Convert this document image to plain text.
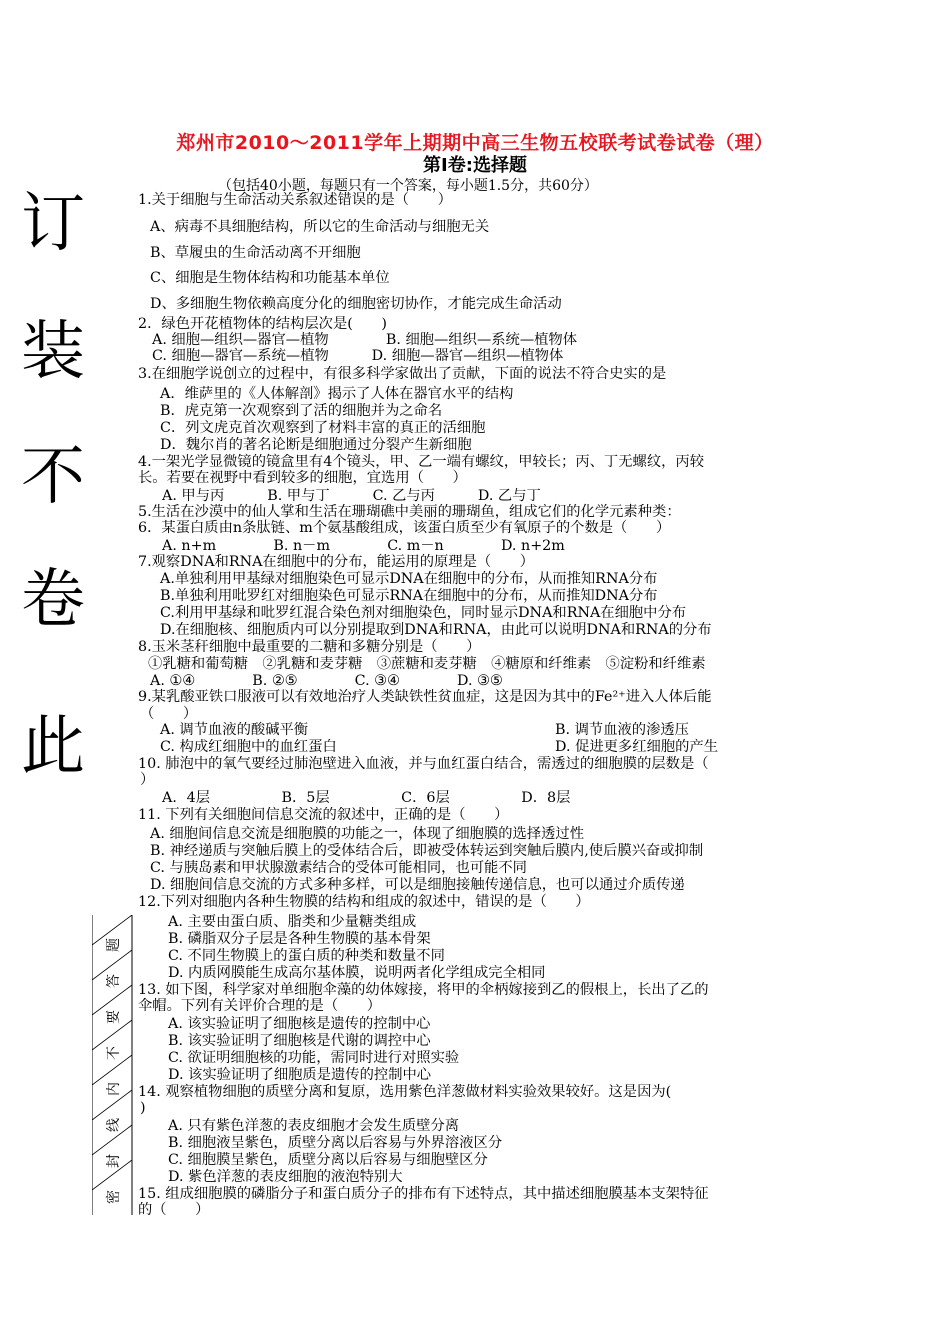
订
装
不
卷
此
密
封
线
内
不
要
答
题
郑州市2010～2011学年上期期中高三生物五校联考试卷试卷（理）
第Ⅰ卷:选择题
（包括40小题，每题只有一个答案，每小题1.5分，共60分）
1.关于细胞与生命活动关系叙述错误的是（　　）
A、病毒不具细胞结构，所以它的生命活动与细胞无关
B、草履虫的生命活动离不开细胞
C、细胞是生物体结构和功能基本单位
D、多细胞生物依赖高度分化的细胞密切协作，才能完成生命活动
2．绿色开花植物体的结构层次是(　　)
A. 细胞—组织—器官—植物　　　　B. 细胞—组织—系统—植物体
C. 细胞—器官—系统—植物　　　D. 细胞—器官—组织—植物体
3.在细胞学说创立的过程中，有很多科学家做出了贡献，下面的说法不符合史实的是
A．维萨里的《人体解剖》揭示了人体在器官水平的结构
B．虎克第一次观察到了活的细胞并为之命名
C．列文虎克首次观察到了材料丰富的真正的活细胞
D．魏尔肖的著名论断是细胞通过分裂产生新细胞
4.一架光学显微镜的镜盒里有4个镜头，甲、乙一端有螺纹，甲较长；丙、丁无螺纹，丙较
长。若要在视野中看到较多的细胞，宜选用（　　）
A. 甲与丙　　　B. 甲与丁　　　C. 乙与丙　　　D. 乙与丁
5.生活在沙漠中的仙人掌和生活在珊瑚礁中美丽的珊瑚鱼，组成它们的化学元素种类：
6．某蛋白质由n条肽链、m个氨基酸组成，该蛋白质至少有氧原子的个数是（　　）
A. n+m　　　　B. n－m　　　　C. m－n　　　　D. n+2m
7.观察DNA和RNA在细胞中的分布，能运用的原理是（　　）
A.单独利用甲基绿对细胞染色可显示DNA在细胞中的分布，从而推知RNA分布
B.单独利用吡罗红对细胞染色可显示RNA在细胞中的分布，从而推知DNA分布
C.利用甲基绿和吡罗红混合染色剂对细胞染色，同时显示DNA和RNA在细胞中分布
D.在细胞核、细胞质内可以分别提取到DNA和RNA，由此可以说明DNA和RNA的分布
8.玉米茎秆细胞中最重要的二糖和多糖分别是（　　）
①乳糖和葡萄糖　②乳糖和麦芽糖　③蔗糖和麦芽糖　④糖原和纤维素　⑤淀粉和纤维素
A. ①④　　　　B. ②⑤　　　　C. ③④　　　　D. ③⑤
9.某乳酸亚铁口服液可以有效地治疗人类缺铁性贫血症，这是因为其中的Fe²⁺进入人体后能
（　　）
A. 调节血液的酸碱平衡	B. 调节血液的渗透压
C. 构成红细胞中的血红蛋白	D. 促进更多红细胞的产生
10. 肺泡中的氧气要经过肺泡壁进入血液，并与血红蛋白结合，需透过的细胞膜的层数是（
）
A．4层　　　　　B．5层　　　　　C．6层　　　　　D．8层
11. 下列有关细胞间信息交流的叙述中，正确的是（　　）
A. 细胞间信息交流是细胞膜的功能之一，体现了细胞膜的选择透过性
B. 神经递质与突触后膜上的受体结合后，即被受体转运到突触后膜内,使后膜兴奋或抑制
C. 与胰岛素和甲状腺激素结合的受体可能相同，也可能不同
D. 细胞间信息交流的方式多种多样，可以是细胞接触传递信息，也可以通过介质传递
12.下列对细胞内各种生物膜的结构和组成的叙述中，错误的是（　　）
A. 主要由蛋白质、脂类和少量糖类组成
B. 磷脂双分子层是各种生物膜的基本骨架
C. 不同生物膜上的蛋白质的种类和数量不同
D. 内质网膜能生成高尔基体膜，说明两者化学组成完全相同
13. 如下图，科学家对单细胞伞藻的幼体嫁接，将甲的伞柄嫁接到乙的假根上，长出了乙的
伞帽。下列有关评价合理的是（　　）
A. 该实验证明了细胞核是遗传的控制中心
B. 该实验证明了细胞核是代谢的调控中心
C. 欲证明细胞核的功能，需同时进行对照实验
D. 该实验证明了细胞质是遗传的控制中心
14. 观察植物细胞的质壁分离和复原，选用紫色洋葱做材料实验效果较好。这是因为(
)
A. 只有紫色洋葱的表皮细胞才会发生质壁分离
B. 细胞液呈紫色，质壁分离以后容易与外界溶液区分
C. 细胞膜呈紫色，质壁分离以后容易与细胞壁区分
D. 紫色洋葱的表皮细胞的液泡特别大
15. 组成细胞膜的磷脂分子和蛋白质分子的排布有下述特点，其中描述细胞膜基本支架特征
的（　　）
